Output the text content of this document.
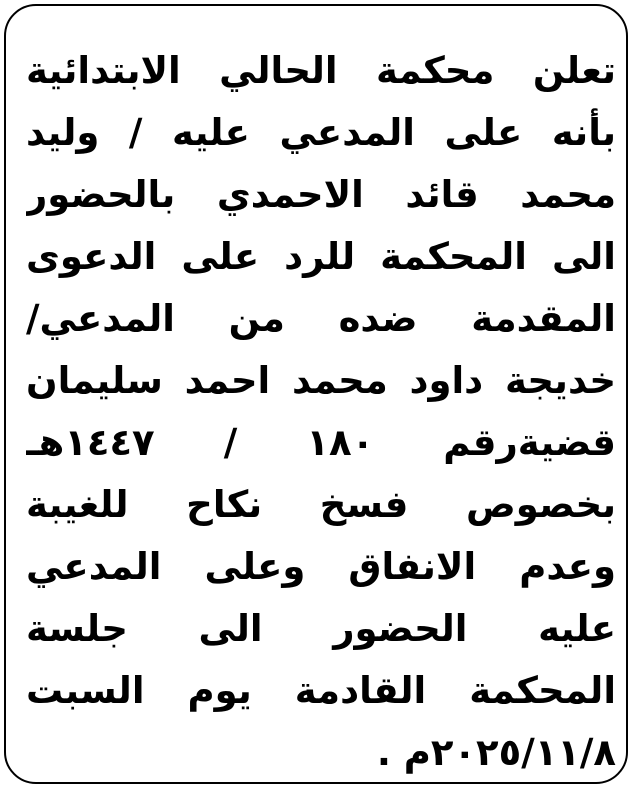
تعلن محكمة الحالي الابتدائية
بأنه على المدعي عليه / وليد
محمد قائد الاحمدي بالحضور
الى المحكمة للرد على الدعوى
المقدمة ضده من المدعي/
خديجة داود محمد احمد سليمان
قضيةرقم ١٨٠ / ١٤٤٧هـ
بخصوص فسخ نكاح للغيبة
وعدم الانفاق وعلى المدعي
عليه الحضور الى جلسة
المحكمة القادمة يوم السبت
٢٠٢٥/١١/٨م .
